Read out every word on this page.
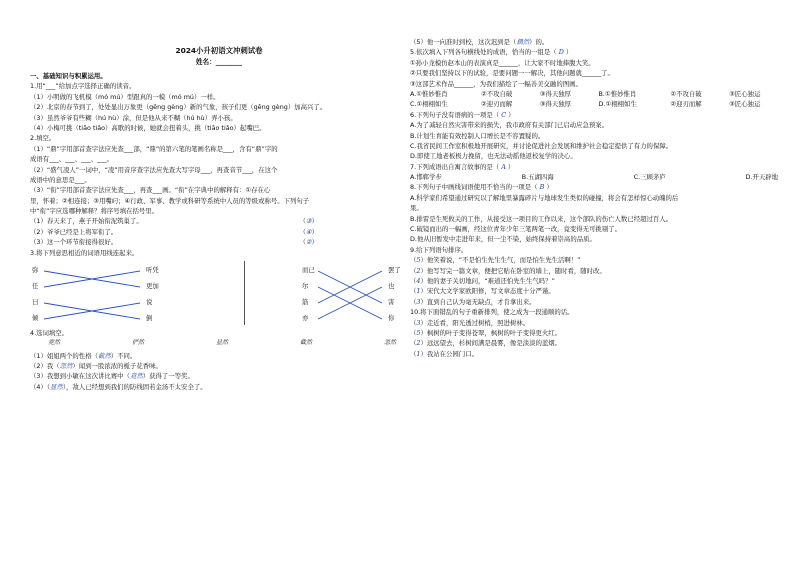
2024小升初语文冲刺试卷
姓名：________
一、基础知识与积累运用。
1.用“___”给加点字选择正确的读音。
（1）小明做的飞机模（mó mú）型跟真的一模（mó mú）一样。
（2）北京的春节到了，处处显出万象更（gēng gèng）新的气象，孩子们更（gēng gèng）加高兴了。
（3）虽然爷爷有些糊（hú hù）涂，但是他从来不糊（hú hù）弄小孩。
（4）小梅可挑（tiāo tiǎo）高歌的时候，她就会扭着头，挑（tiāo tiǎo）起嘴巴。
2.填空。
（1）“鼎”字用部首查字法应先查___部，“鼎”的第六笔的笔画名称是___，含有“鼎”字的
成语有___、___、___、___。
（2）“盛气凌人”一词中，“凌”用音序查字法应先查大写字母___，再查音节___，在这个
成语中的意思是___。
（3）“衔”字用部首查字法应先查___，再查___画。“衔”在字典中的解释有：①存在心
里，怀着；②相连接；③用嘴叼；④行政、军事、教学或科研等系统中人员的等级或称号。下列句子
中“衔”字应选哪种解释？将序号填在括号里。
（1）春天来了，燕子开始衔泥筑巢了。	（③）
（2）爷爷已经是上将军衔了。	（④）
（3）这一个环节衔接得很好。	（②）
3.将下列意思相近的词语用线连起来。
弥
任
曰
倾
听凭
更加
说
倒
而已
尔
筋
亦
罢了
也
害
你
4.选词填空。
竟然	俨然	显然	截然	忽然
（1）姐姐两个的性格（截然）不同。
（2）我（忽然）闻到一股浓浓的栀子花香味。
（3）我想到小敏在这次讲比赛中（竟然）获得了一等奖。
（4）（显然），敌人已经想到我们的防线固若金汤不太安全了。
（5）他一向准时到校，这次迟到是（偶然）的。
5.依次填入下列各句横线处的成语，恰当的一组是（ D ）
①孙小龙模仿赵本山的表演真是______，让大家不时地捧腹大笑。
②只要我们坚持以下的试验，是要问题一一解决，其他问题就______了。
③这部艺术作品______，为我们描绘了一幅善美交融的图画。
A.①惟妙惟肖	②不攻自破	③得天独厚	B.①惟妙惟肖	②不攻自破	③匠心独运
C.①栩栩如生	②迎刃而解	③得天独厚	D.①栩栩如生	②迎刃而解	③匠心独运
6.下列句子没有语病的一项是（ C ）
A.为了减轻自然灾害带来的损失，我市政府有关部门已启动应急预案。
B.计划生育能有效控制人口增长是不容置疑的。
C.我省民间工作室积极地开展研究，并讨论促进社会发展和维护社会稳定提供了有力的保障。
D.即使工地老板极力挽留，也无法动摇他返校复学的决心。
7.下列成语出自寓言故事的是（ A ）
A.邯郸学步	B.五湖四海	C.三顾茅庐	D.开天辟地
8.下列句子中画线词语使用不恰当的一项是（ B ）
A.科学家们希望通过研究以了解地里暴露碎片与地球发生类似的碰撞，将会有怎样惊心动魄的后
果。
B.排雷是生死攸关的工作，从接受这一项目的工作以来，这个部队的伤亡人数已经超过百人。
C.破镜而出的一幅画，经这位青年少年三笔两笔一改，竟变得无可挑剔了。
D.他从旧暂发中走进年来，但一尘不染，始终保持着崇高的品质。
9.给下列语句排序。
（5）他笑着说，“不是怕生先生生气，而是怕生先生活啊！”
（2）他写写完一篇文章，便把它贴在卧室的墙上，随时看，随时改。
（4）他的妻子关切地问，“难道还怕先生生气吗？”
（1）宋代大文学家欧阳修，写文章态度十分严谨。
（3）直到自己认为毫无缺点，才肯拿出来。
10.将下面错乱的句子重新排列，使之成为一段通顺的话。
（3）走近看，阳光透过树梢，照进树林。
（5）枫树的叶子变得苍翠，枫树的叶子变得更火红。
（2）远远望去，杉树间满是晨雾，像是淡淡的蓝烟。
（1）我站在公园门口。
